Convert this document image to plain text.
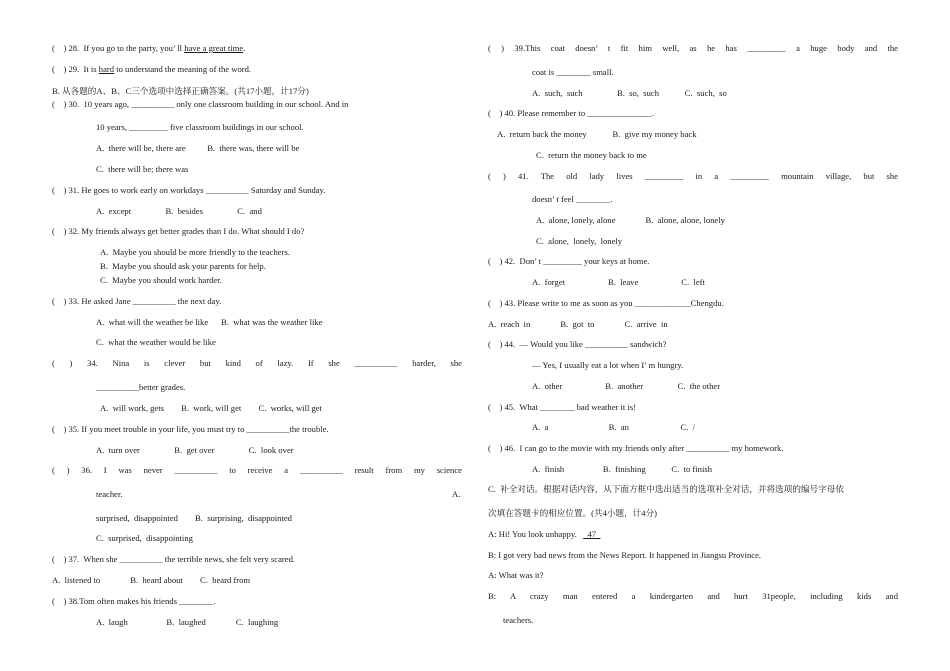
(    ) 28.  If you go to the party, you’ ll have a great time.
(    ) 29.  It is hard to understand the meaning of the word.
B. 从各题的A、B、C三个选项中选择正确答案。(共17小题，计17分)
(    ) 30.  10 years ago, __________ only one classroom building in our school. And in
10 years, _________ five classroom buildings in our school.
A.  there will be, there are          B.  there was, there will be
C.  there will be; there was
(    ) 31. He goes to work early on workdays __________ Saturday and Sunday.
A.  except                B.  besides                C.  and
(    ) 32. My friends always get better grades than I do. What should I do?
A.  Maybe you should be more friendly to the teachers.
B.  Maybe you should ask your parents for help.
C.  Maybe you should work harder.
(    ) 33. He asked Jane __________ the next day.
A.  what will the weather be like      B.  what was the weather like
C.  what the weather would be like
( ) 34. Nina is clever but kind of lazy. If she __________ harder, she
__________better grades.
A.  will work, gets        B.  work, will get        C.  works, will get
(    ) 35. If you meet trouble in your life, you must try to __________the trouble.
A.  turn over                B.  get over                C.  look over
( ) 36. I was never __________ to receive a __________ result from my science
teacher.	A.
surprised,  disappointed        B.  surprising,  disappointed
C.  surprised,  disappointing
(    ) 37.  When she __________ the terrible news, she felt very scared.
A.  listened to              B.  heard about        C.  heard from
(    ) 38.Tom often makes his friends ________.
A.  laugh                  B.  laughed              C.  laughing
( ) 39.This coat doesn’ t fit him well, as he has _________ a huge body and the
coat is ________ small.
A.  such,  such                B.  so,  such            C.  such,  so
(    ) 40. Please remember to _______________.
A.  return back the money            B.  give my money back
C.  return the money back to me
( ) 41. The old lady lives _________ in a _________ mountain village, but she
doesn’ t feel ________.
A.  alone, lonely, alone              B.  alone, alone, lonely
C.  alone,  lonely,  lonely
(    ) 42.  Don’ t _________ your keys at home.
A.  forget                    B.  leave                    C.  left
(    ) 43. Please write to me as soon as you _____________Chengdu.
A.  reach  in              B.  got  to              C.  arrive  in
(    ) 44.  — Would you like __________ sandwich?
— Yes, I usually eat a lot when I’ m hungry.
A.  other                    B.  another                C.  the other
(    ) 45.  What ________ bad weather it is!
A.  a                            B.  an                        C.  /
(    ) 46.  I can go to the movie with my friends only after __________ my homework.
A.  finish                  B.  finishing            C.  to finish
C.  补全对话。根据对话内容，从下面方框中选出适当的选项补全对话，并将选项的编号字母依
次填在答题卡的相应位置。(共4小题，计4分)
A: Hi! You look unhappy.     47
B: I got very bad news from the News Report. It happened in Jiangsu Province.
A: What was it?
B: A crazy man entered a kindergarten and hurt 31people, including kids and
teachers.
